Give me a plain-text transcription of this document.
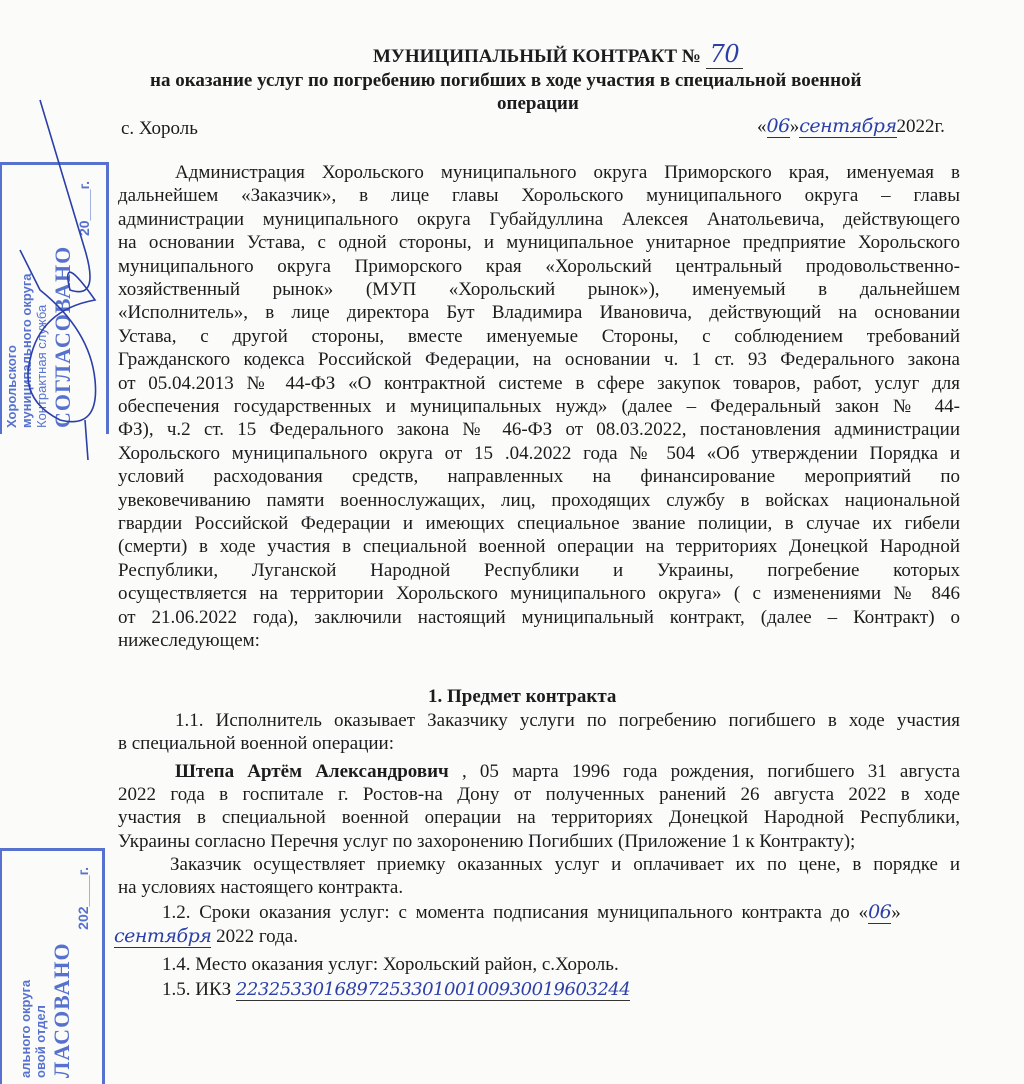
МУНИЦИПАЛЬНЫЙ КОНТРАКТ № 70
на оказание услуг по погребению погибших в ходе участия в специальной военной
операции
с. Хороль	«06»сентября2022г.
Администрация Хорольского муниципального округа Приморского края, именуемая в
дальнейшем «Заказчик», в лице главы Хорольского муниципального округа – главы
администрации муниципального округа Губайдуллина Алексея Анатольевича, действующего
на основании Устава, с одной стороны, и муниципальное унитарное предприятие Хорольского
муниципального округа Приморского края «Хорольский центральный продовольственно-
хозяйственный рынок» (МУП «Хорольский рынок»), именуемый в дальнейшем
«Исполнитель», в лице директора Бут Владимира Ивановича, действующий на основании
Устава, с другой стороны, вместе именуемые Стороны, с соблюдением требований
Гражданского кодекса Российской Федерации, на основании ч. 1 ст. 93 Федерального закона
от 05.04.2013 № 44-ФЗ «О контрактной системе в сфере закупок товаров, работ, услуг для
обеспечения государственных и муниципальных нужд» (далее – Федеральный закон № 44-
ФЗ), ч.2 ст. 15 Федерального закона № 46-ФЗ от 08.03.2022, постановления администрации
Хорольского муниципального округа от 15 .04.2022 года № 504 «Об утверждении Порядка и
условий расходования средств, направленных на финансирование мероприятий по
увековечиванию памяти военнослужащих, лиц, проходящих службу в войсках национальной
гвардии Российской Федерации и имеющих специальное звание полиции, в случае их гибели
(смерти) в ходе участия в специальной военной операции на территориях Донецкой Народной
Республики, Луганской Народной Республики и Украины, погребение которых
осуществляется на территории Хорольского муниципального округа» ( с изменениями № 846
от 21.06.2022 года), заключили настоящий муниципальный контракт, (далее – Контракт) о
нижеследующем:
1. Предмет контракта
1.1. Исполнитель оказывает Заказчику услуги по погребению погибшего в ходе участия
в специальной военной операции:
Штепа Артём Александрович , 05 марта 1996 года рождения, погибшего 31 августа
2022 года в госпитале г. Ростов-на Дону от полученных ранений 26 августа 2022 в ходе
участия в специальной военной операции на территориях Донецкой Народной Республики,
Украины согласно Перечня услуг по захоронению Погибших (Приложение 1 к Контракту);
Заказчик осуществляет приемку оказанных услуг и оплачивает их по цене, в порядке и
на условиях настоящего контракта.
1.2. Сроки оказания услуг: с момента подписания муниципального контракта до «06»
сентября 2022 года.
1.4. Место оказания услуг: Хорольский район, с.Хороль.
1.5. ИКЗ 223253301689725330100100930019603244
Хорольского муниципального округа Контрактная служба СОГЛАСОВАНО
20____г.
ального округа овой отдел ЛАСОВАНО
202____г.
